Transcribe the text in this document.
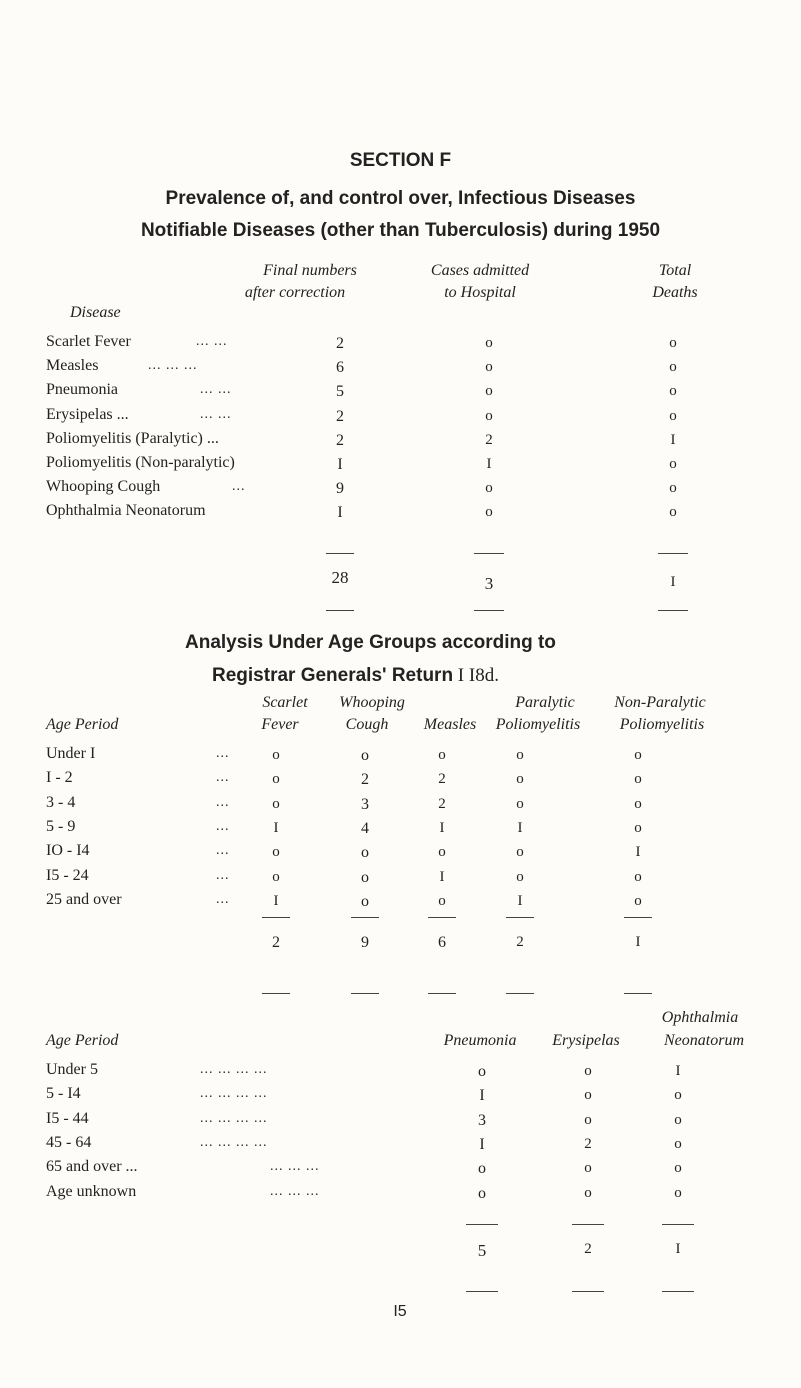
SECTION F
Prevalence of, and control over, Infectious Diseases
Notifiable Diseases (other than Tuberculosis) during 1950
Final numbers
after correction
Cases admitted
to Hospital
Total
Deaths
Disease
Scarlet Fever	... ...	2	o	o
Measles	... ... ...	6	o	o
Pneumonia	... ...	5	o	o
Erysipelas ...	... ...	2	o	o
Poliomyelitis (Paralytic) ...	2	2	I
Poliomyelitis (Non-paralytic)	I	I	o
Whooping Cough	...	9	o	o
Ophthalmia Neonatorum	I	o	o
28	3	I
Analysis Under Age Groups according to
Registrar Generals' Return I I8d.
Scarlet
Fever
Whooping
Cough	Measles
Paralytic
Poliomyelitis
Non-Paralytic
Poliomyelitis
Age Period
Under I	...	o	o	o	o	o
I - 2	...	o	2	2	o	o
3 - 4	...	o	3	2	o	o
5 - 9	...	I	4	I	I	o
IO - I4	...	o	o	o	o	I
I5 - 24	...	o	o	I	o	o
25 and over	...	I	o	o	I	o
2	9	6	2	I
Ophthalmia
Age Period	Pneumonia	Erysipelas	Neonatorum
Under 5	... ... ... ...	o	o	I
5 - I4	... ... ... ...	I	o	o
I5 - 44	... ... ... ...	3	o	o
45 - 64	... ... ... ...	I	2	o
65 and over ...	... ... ...	o	o	o
Age unknown	... ... ...	o	o	o
5	2	I
I5
